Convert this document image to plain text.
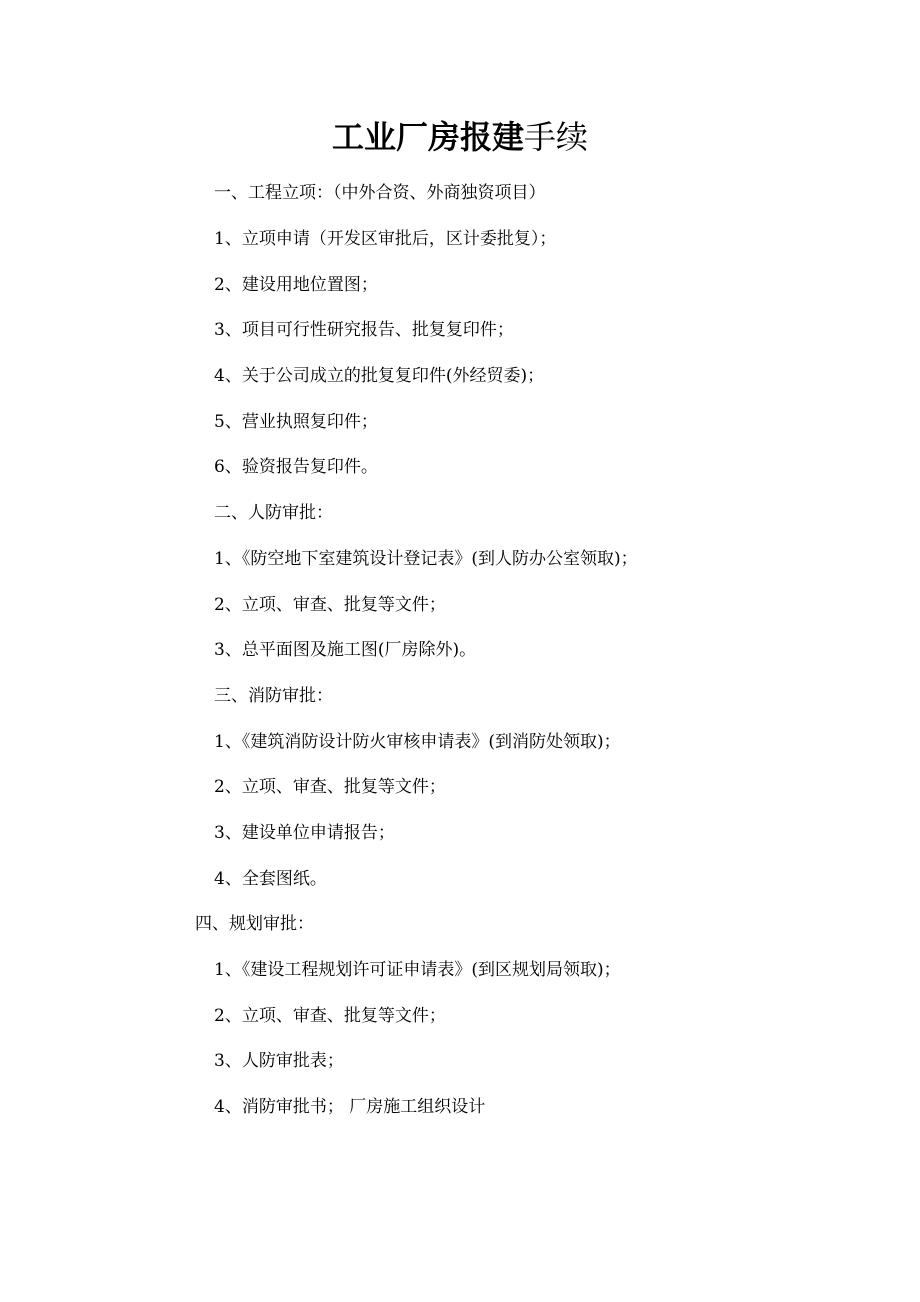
工业厂房报建手续

一、工程立项：（中外合资、外商独资项目）

1、立项申请（开发区审批后，区计委批复）；

2、建设用地位置图；

3、项目可行性研究报告、批复复印件；

4、关于公司成立的批复复印件(外经贸委)；

5、营业执照复印件；

6、验资报告复印件。

二、人防审批：

1、《防空地下室建筑设计登记表》(到人防办公室领取)；

2、立项、审查、批复等文件；

3、总平面图及施工图(厂房除外)。

三、消防审批：

1、《建筑消防设计防火审核申请表》(到消防处领取)；

2、立项、审查、批复等文件；

3、建设单位申请报告；

4、全套图纸。

四、规划审批：

1、《建设工程规划许可证申请表》(到区规划局领取)；

2、立项、审查、批复等文件；

3、人防审批表；

4、消防审批书； 厂房施工组织设计
